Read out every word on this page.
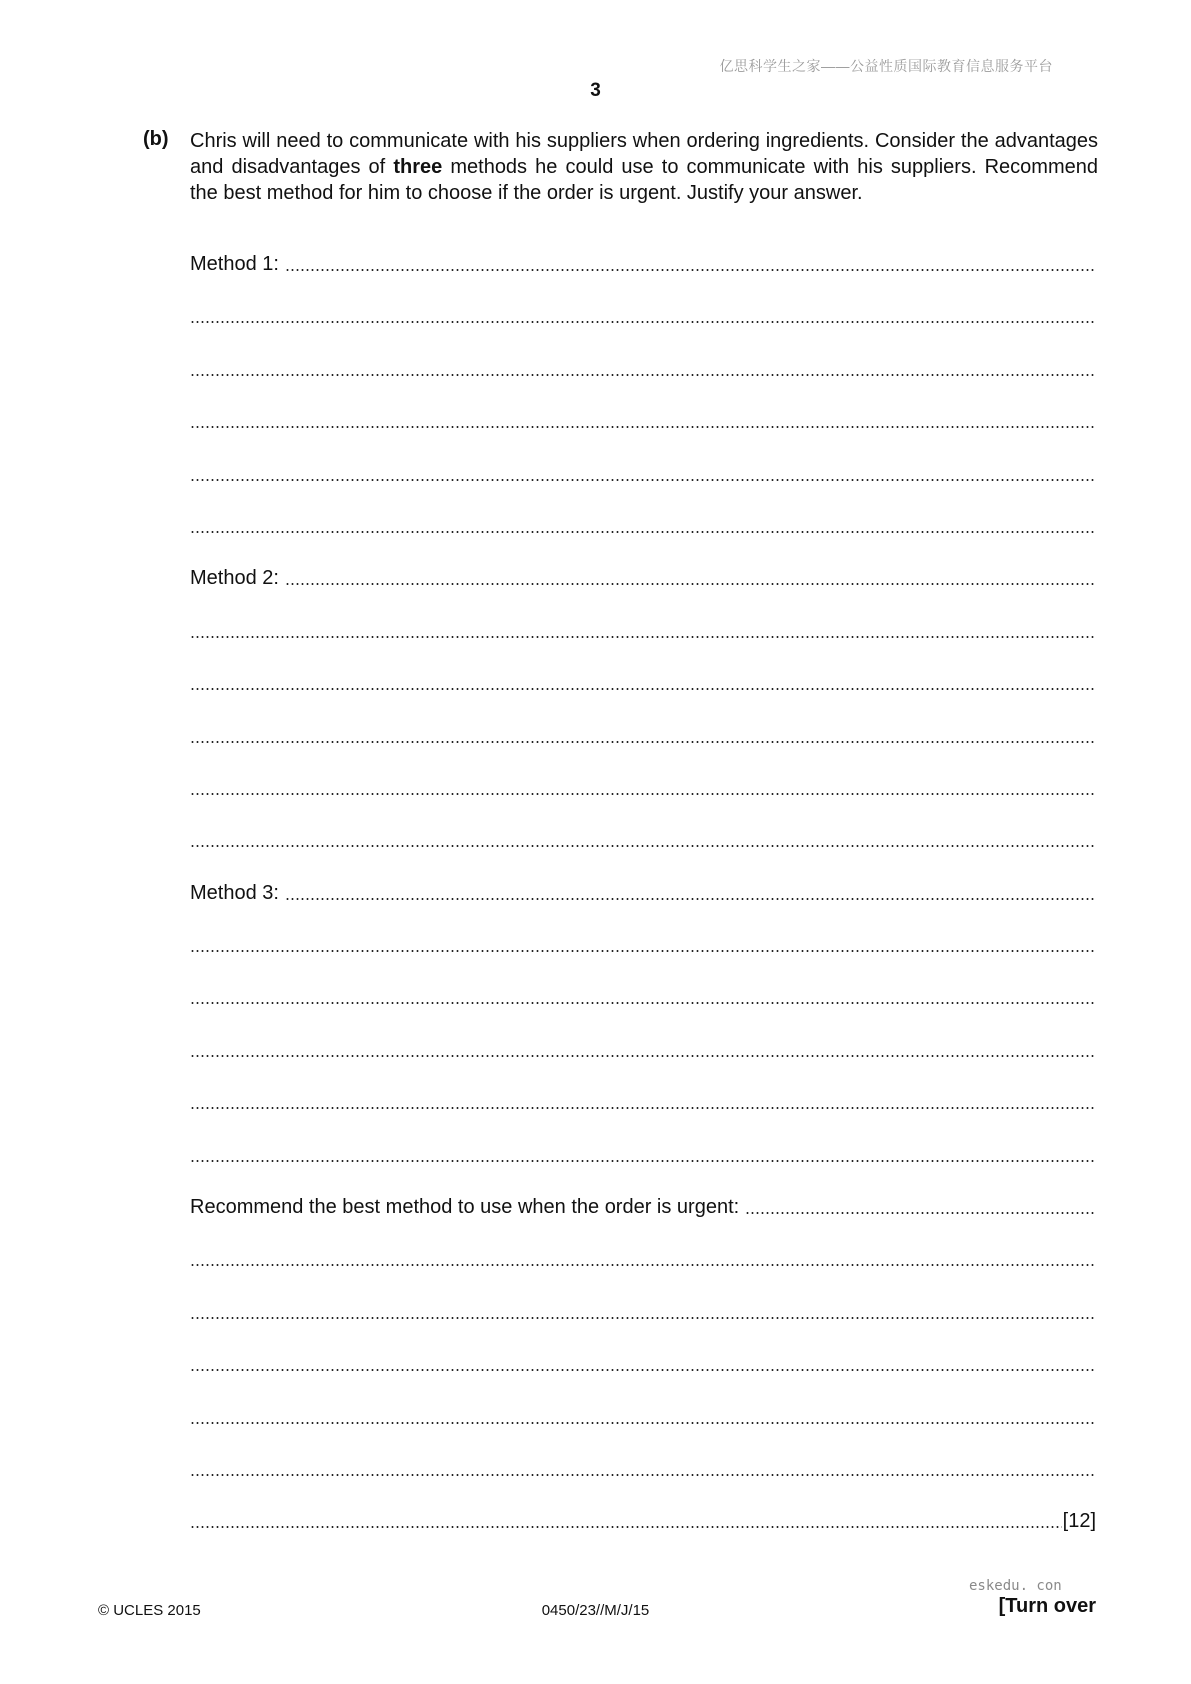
亿思科学生之家——公益性质国际教育信息服务平台
3
(b) Chris will need to communicate with his suppliers when ordering ingredients. Consider the advantages and disadvantages of three methods he could use to communicate with his suppliers. Recommend the best method for him to choose if the order is urgent. Justify your answer.
Method 1:
Method 2:
Method 3:
Recommend the best method to use when the order is urgent:
[12]
eskedu. con
© UCLES 2015	0450/23//M/J/15	[Turn over
